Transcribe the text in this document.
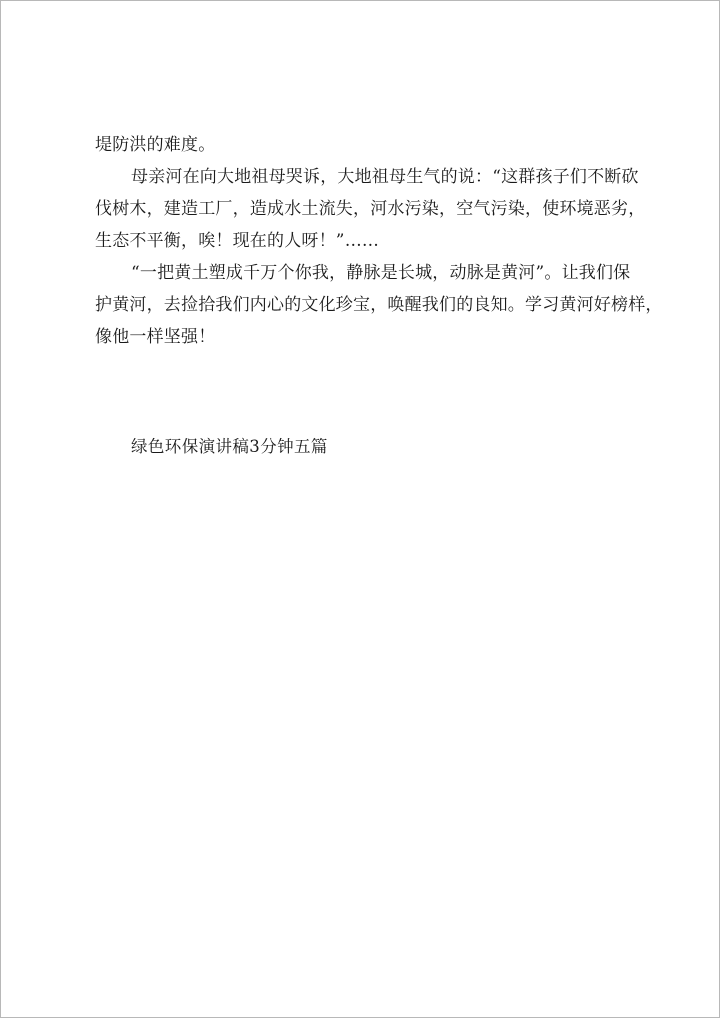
堤防洪的难度。
母亲河在向大地祖母哭诉，大地祖母生气的说：“这群孩子们不断砍
伐树木，建造工厂，造成水土流失，河水污染，空气污染，使环境恶劣，
生态不平衡，唉！现在的人呀！”……
“一把黄土塑成千万个你我，静脉是长城，动脉是黄河”。让我们保
护黄河，去捡拾我们内心的文化珍宝，唤醒我们的良知。学习黄河好榜样，
像他一样坚强！
绿色环保演讲稿3分钟五篇
